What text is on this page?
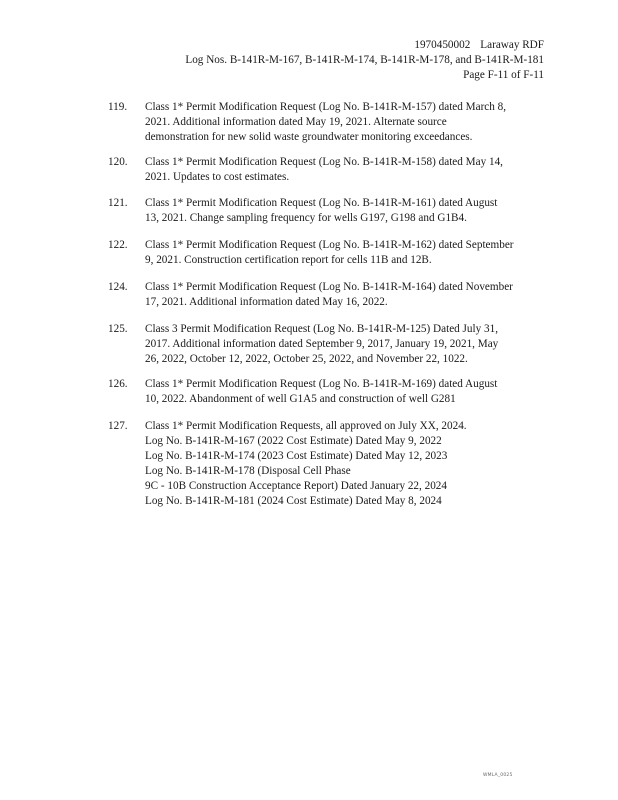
1970450002 Laraway RDF
Log Nos. B-141R-M-167, B-141R-M-174, B-141R-M-178, and B-141R-M-181
Page F-11 of F-11
119. Class 1* Permit Modification Request (Log No. B-141R-M-157) dated March 8,
2021. Additional information dated May 19, 2021. Alternate source
demonstration for new solid waste groundwater monitoring exceedances.
120. Class 1* Permit Modification Request (Log No. B-141R-M-158) dated May 14,
2021. Updates to cost estimates.
121. Class 1* Permit Modification Request (Log No. B-141R-M-161) dated August
13, 2021. Change sampling frequency for wells G197, G198 and G1B4.
122. Class 1* Permit Modification Request (Log No. B-141R-M-162) dated September
9, 2021. Construction certification report for cells 11B and 12B.
124. Class 1* Permit Modification Request (Log No. B-141R-M-164) dated November
17, 2021. Additional information dated May 16, 2022.
125. Class 3 Permit Modification Request (Log No. B-141R-M-125) Dated July 31,
2017. Additional information dated September 9, 2017, January 19, 2021, May
26, 2022, October 12, 2022, October 25, 2022, and November 22, 1022.
126. Class 1* Permit Modification Request (Log No. B-141R-M-169) dated August
10, 2022. Abandonment of well G1A5 and construction of well G281
127. Class 1* Permit Modification Requests, all approved on July XX, 2024.
Log No. B-141R-M-167 (2022 Cost Estimate) Dated May 9, 2022
Log No. B-141R-M-174 (2023 Cost Estimate) Dated May 12, 2023
Log No. B-141R-M-178 (Disposal Cell Phase
9C - 10B Construction Acceptance Report) Dated January 22, 2024
Log No. B-141R-M-181 (2024 Cost Estimate) Dated May 8, 2024
WMLA_0025
